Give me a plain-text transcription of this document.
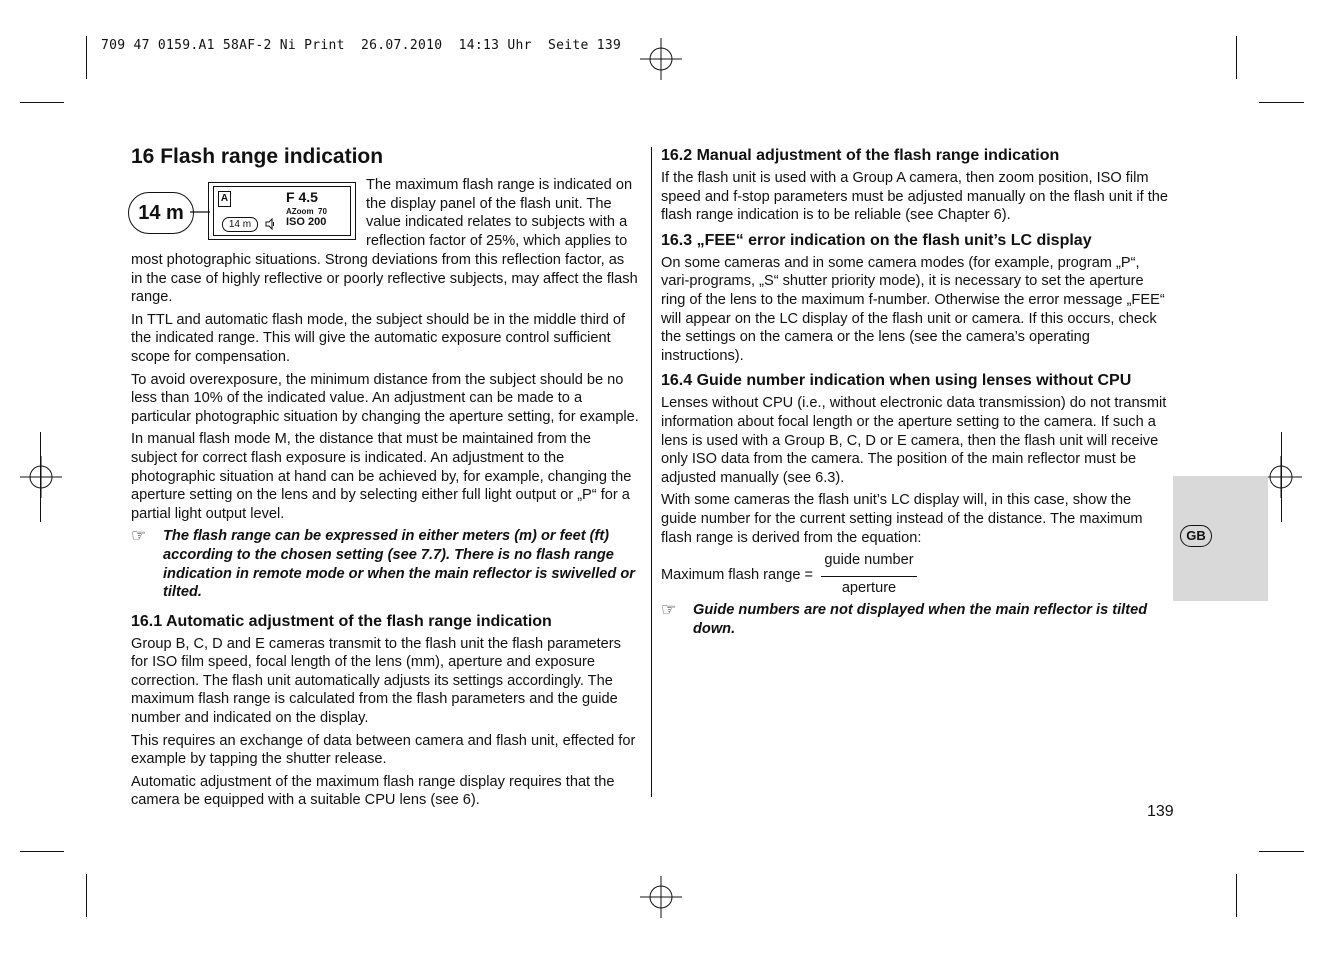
709 47 0159.A1 58AF-2 Ni Print  26.07.2010  14:13 Uhr  Seite 139
16 Flash range indication
14 m
A	F 4.5
AZoom  70
14 m	ISO 200

The maximum flash range is indicated on the display panel of the flash unit. The value indicated relates to subjects with a reflection factor of 25%, which applies to

most photographic situations. Strong deviations from this reflection factor, as in the case of highly reflective or poorly reflective subjects, may affect the flash range.

In TTL and automatic flash mode, the subject should be in the middle third of the indicated range. This will give the automatic exposure control sufficient scope for compensation.

To avoid overexposure, the minimum distance from the subject should be no less than 10% of the indicated value. An adjustment can be made to a particular photographic situation by changing the aperture setting, for example.

In manual flash mode M, the distance that must be maintained from the subject for correct flash exposure is indicated. An adjustment to the photographic situation at hand can be achieved by, for example, changing the aperture setting on the lens and by selecting either full light output or „P“ for a partial light output level.

☞	The flash range can be expressed in either meters (m) or feet (ft) according to the chosen setting (see 7.7). There is no flash range indication in remote mode or when the main reflector is swivelled or tilted.
16.1 Automatic adjustment of the flash range indication

Group B, C, D and E cameras transmit to the flash unit the flash parameters for ISO film speed, focal length of the lens (mm), aperture and exposure correction. The flash unit automatically adjusts its settings accordingly. The maximum flash range is calculated from the flash parameters and the guide number and indicated on the display.

This requires an exchange of data between camera and flash unit, effected for example by tapping the shutter release.

Automatic adjustment of the maximum flash range display requires that the camera be equipped with a suitable CPU lens (see 6).

16.2 Manual adjustment of the flash range indication

If the flash unit is used with a Group A camera, then zoom position, ISO film speed and f-stop parameters must be adjusted manually on the flash unit if the flash range indication is to be reliable (see Chapter 6).

16.3 „FEE“ error indication on the flash unit’s LC display

On some cameras and in some camera modes (for example, program „P“, vari-programs, „S“ shutter priority mode), it is necessary to set the aperture ring of the lens to the maximum f-number. Otherwise the error message „FEE“ will appear on the LC display of the flash unit or camera. If this occurs, check the settings on the camera or the lens (see the camera’s operating instructions).

16.4 Guide number indication when using lenses without CPU

Lenses without CPU (i.e., without electronic data transmission) do not transmit information about focal length or the aperture setting to the camera. If such a lens is used with a Group B, C, D or E camera, then the flash unit will receive only ISO data from the camera. The position of the main reflector must be adjusted manually (see 6.3).

With some cameras the flash unit’s LC display will, in this case, show the guide number for the current setting instead of the distance. The maximum flash range is derived from the equation:

Maximum flash range =
guide number
aperture
☞	Guide numbers are not displayed when the main reflector is tilted down.
GB
139
